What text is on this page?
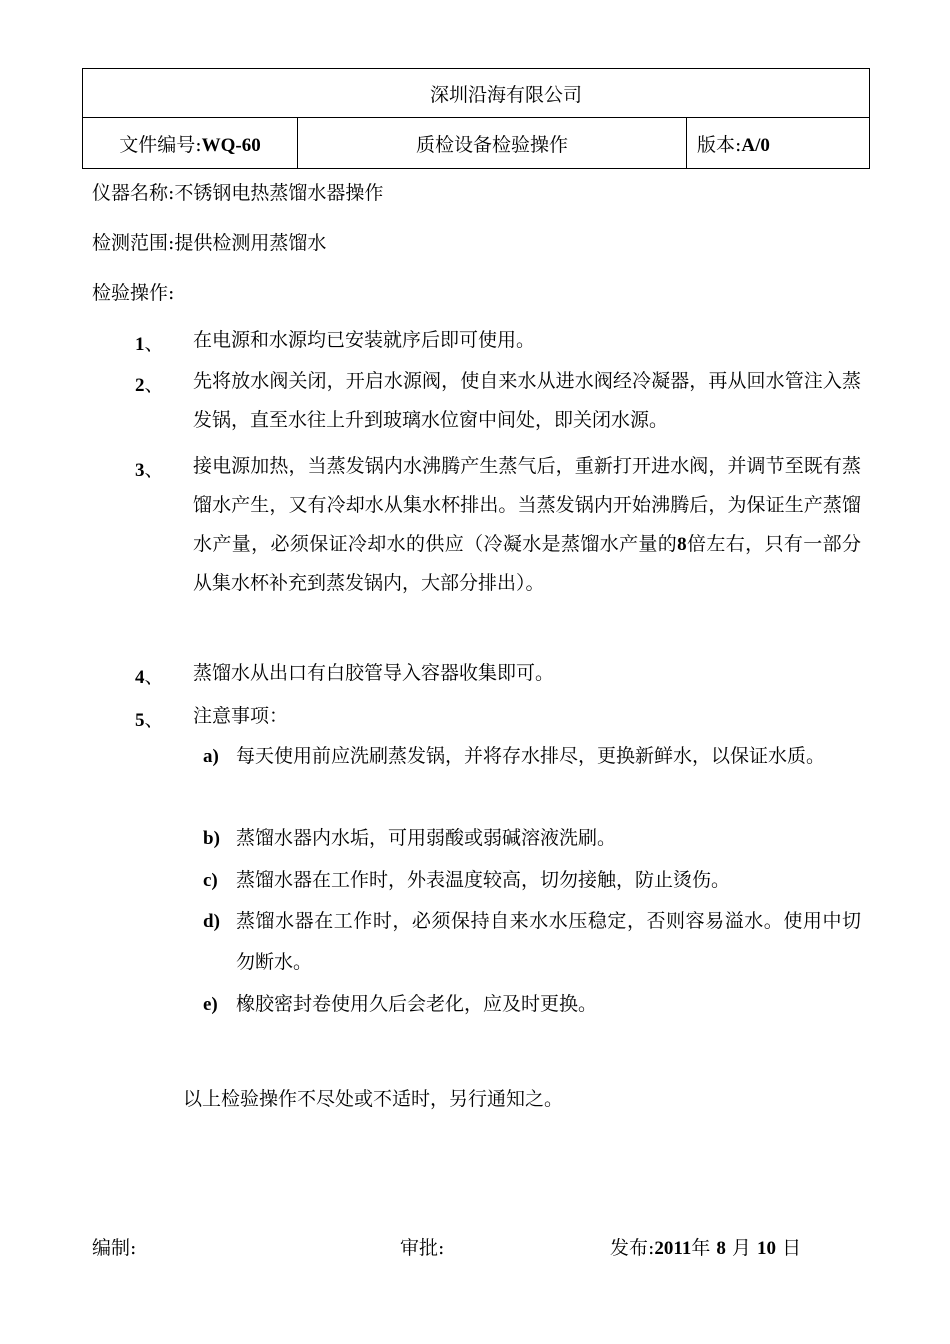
深圳沿海有限公司
文件编号:WQ-60	质检设备检验操作	版本:A/0
仪器名称:不锈钢电热蒸馏水器操作
检测范围:提供检测用蒸馏水
检验操作:
1、 在电源和水源均已安装就序后即可使用。
2、 先将放水阀关闭，开启水源阀，使自来水从进水阀经冷凝器，再从回水管注入蒸发锅，直至水往上升到玻璃水位窗中间处，即关闭水源。
3、 接电源加热，当蒸发锅内水沸腾产生蒸气后，重新打开进水阀，并调节至既有蒸馏水产生，又有冷却水从集水杯排出。当蒸发锅内开始沸腾后，为保证生产蒸馏水产量，必须保证冷却水的供应（冷凝水是蒸馏水产量的8倍左右，只有一部分从集水杯补充到蒸发锅内，大部分排出）。
4、 蒸馏水从出口有白胶管导入容器收集即可。
5、 注意事项：
a) 每天使用前应洗刷蒸发锅，并将存水排尽，更换新鲜水，以保证水质。
b) 蒸馏水器内水垢，可用弱酸或弱碱溶液洗刷。
c) 蒸馏水器在工作时，外表温度较高，切勿接触，防止烫伤。
d) 蒸馏水器在工作时，必须保持自来水水压稳定，否则容易溢水。使用中切勿断水。
e) 橡胶密封卷使用久后会老化，应及时更换。
以上检验操作不尽处或不适时，另行通知之。
编制:	审批:	发布:2011年 8 月 10 日
